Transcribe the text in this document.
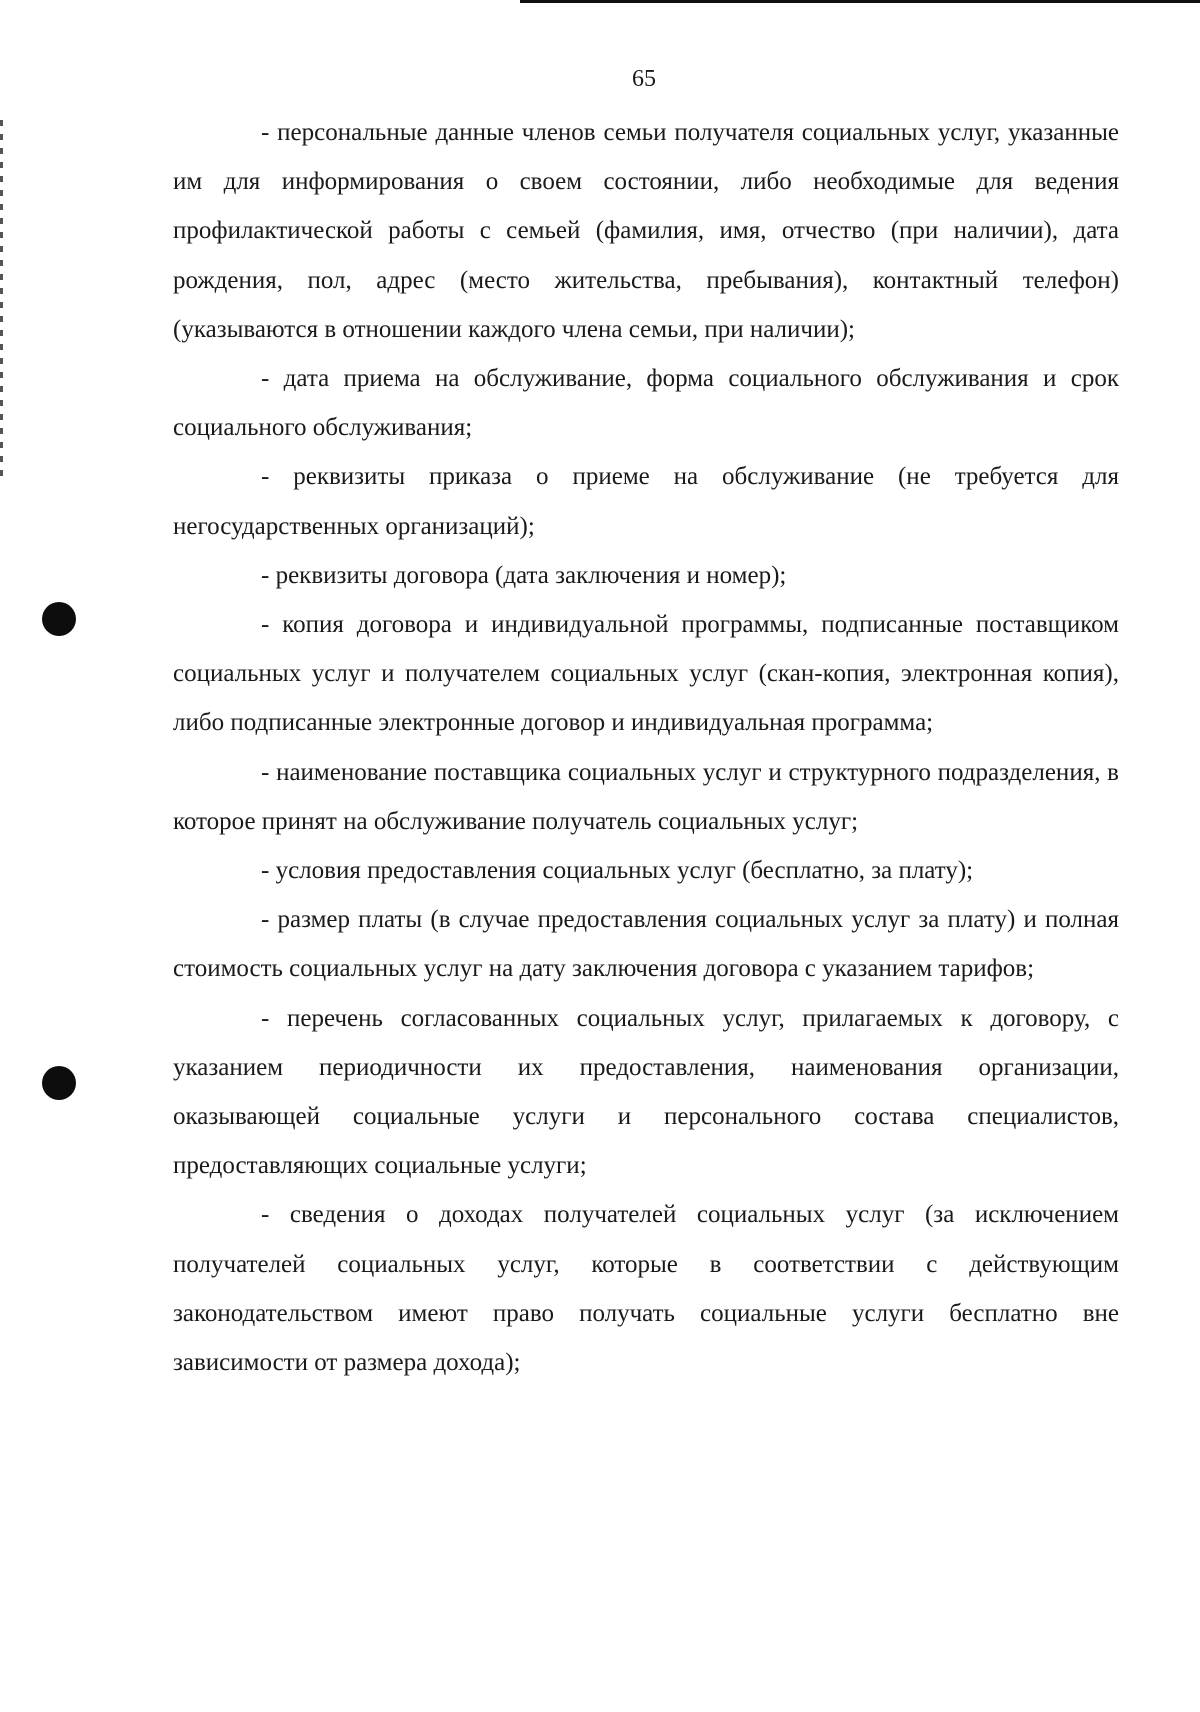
65

- персональные данные членов семьи получателя социальных услуг, указанные им для информирования о своем состоянии, либо необходимые для ведения профилактической работы с семьей (фамилия, имя, отчество (при наличии), дата рождения, пол, адрес (место жительства, пребывания), контактный телефон) (указываются в отношении каждого члена семьи, при наличии);

- дата приема на обслуживание, форма социального обслуживания и срок социального обслуживания;

- реквизиты приказа о приеме на обслуживание (не требуется для негосударственных организаций);

- реквизиты договора (дата заключения и номер);

- копия договора и индивидуальной программы, подписанные поставщиком социальных услуг и получателем социальных услуг (скан-копия, электронная копия), либо подписанные электронные договор и индивидуальная программа;

- наименование поставщика социальных услуг и структурного подразделения, в которое принят на обслуживание получатель социальных услуг;

- условия предоставления социальных услуг (бесплатно, за плату);

- размер платы (в случае предоставления социальных услуг за плату) и полная стоимость социальных услуг на дату заключения договора с указанием тарифов;

- перечень согласованных социальных услуг, прилагаемых к договору, с указанием периодичности их предоставления, наименования организации, оказывающей социальные услуги и персонального состава специалистов, предоставляющих социальные услуги;

- сведения о доходах получателей социальных услуг (за исключением получателей социальных услуг, которые в соответствии с действующим законодательством имеют право получать социальные услуги бесплатно вне зависимости от размера дохода);
